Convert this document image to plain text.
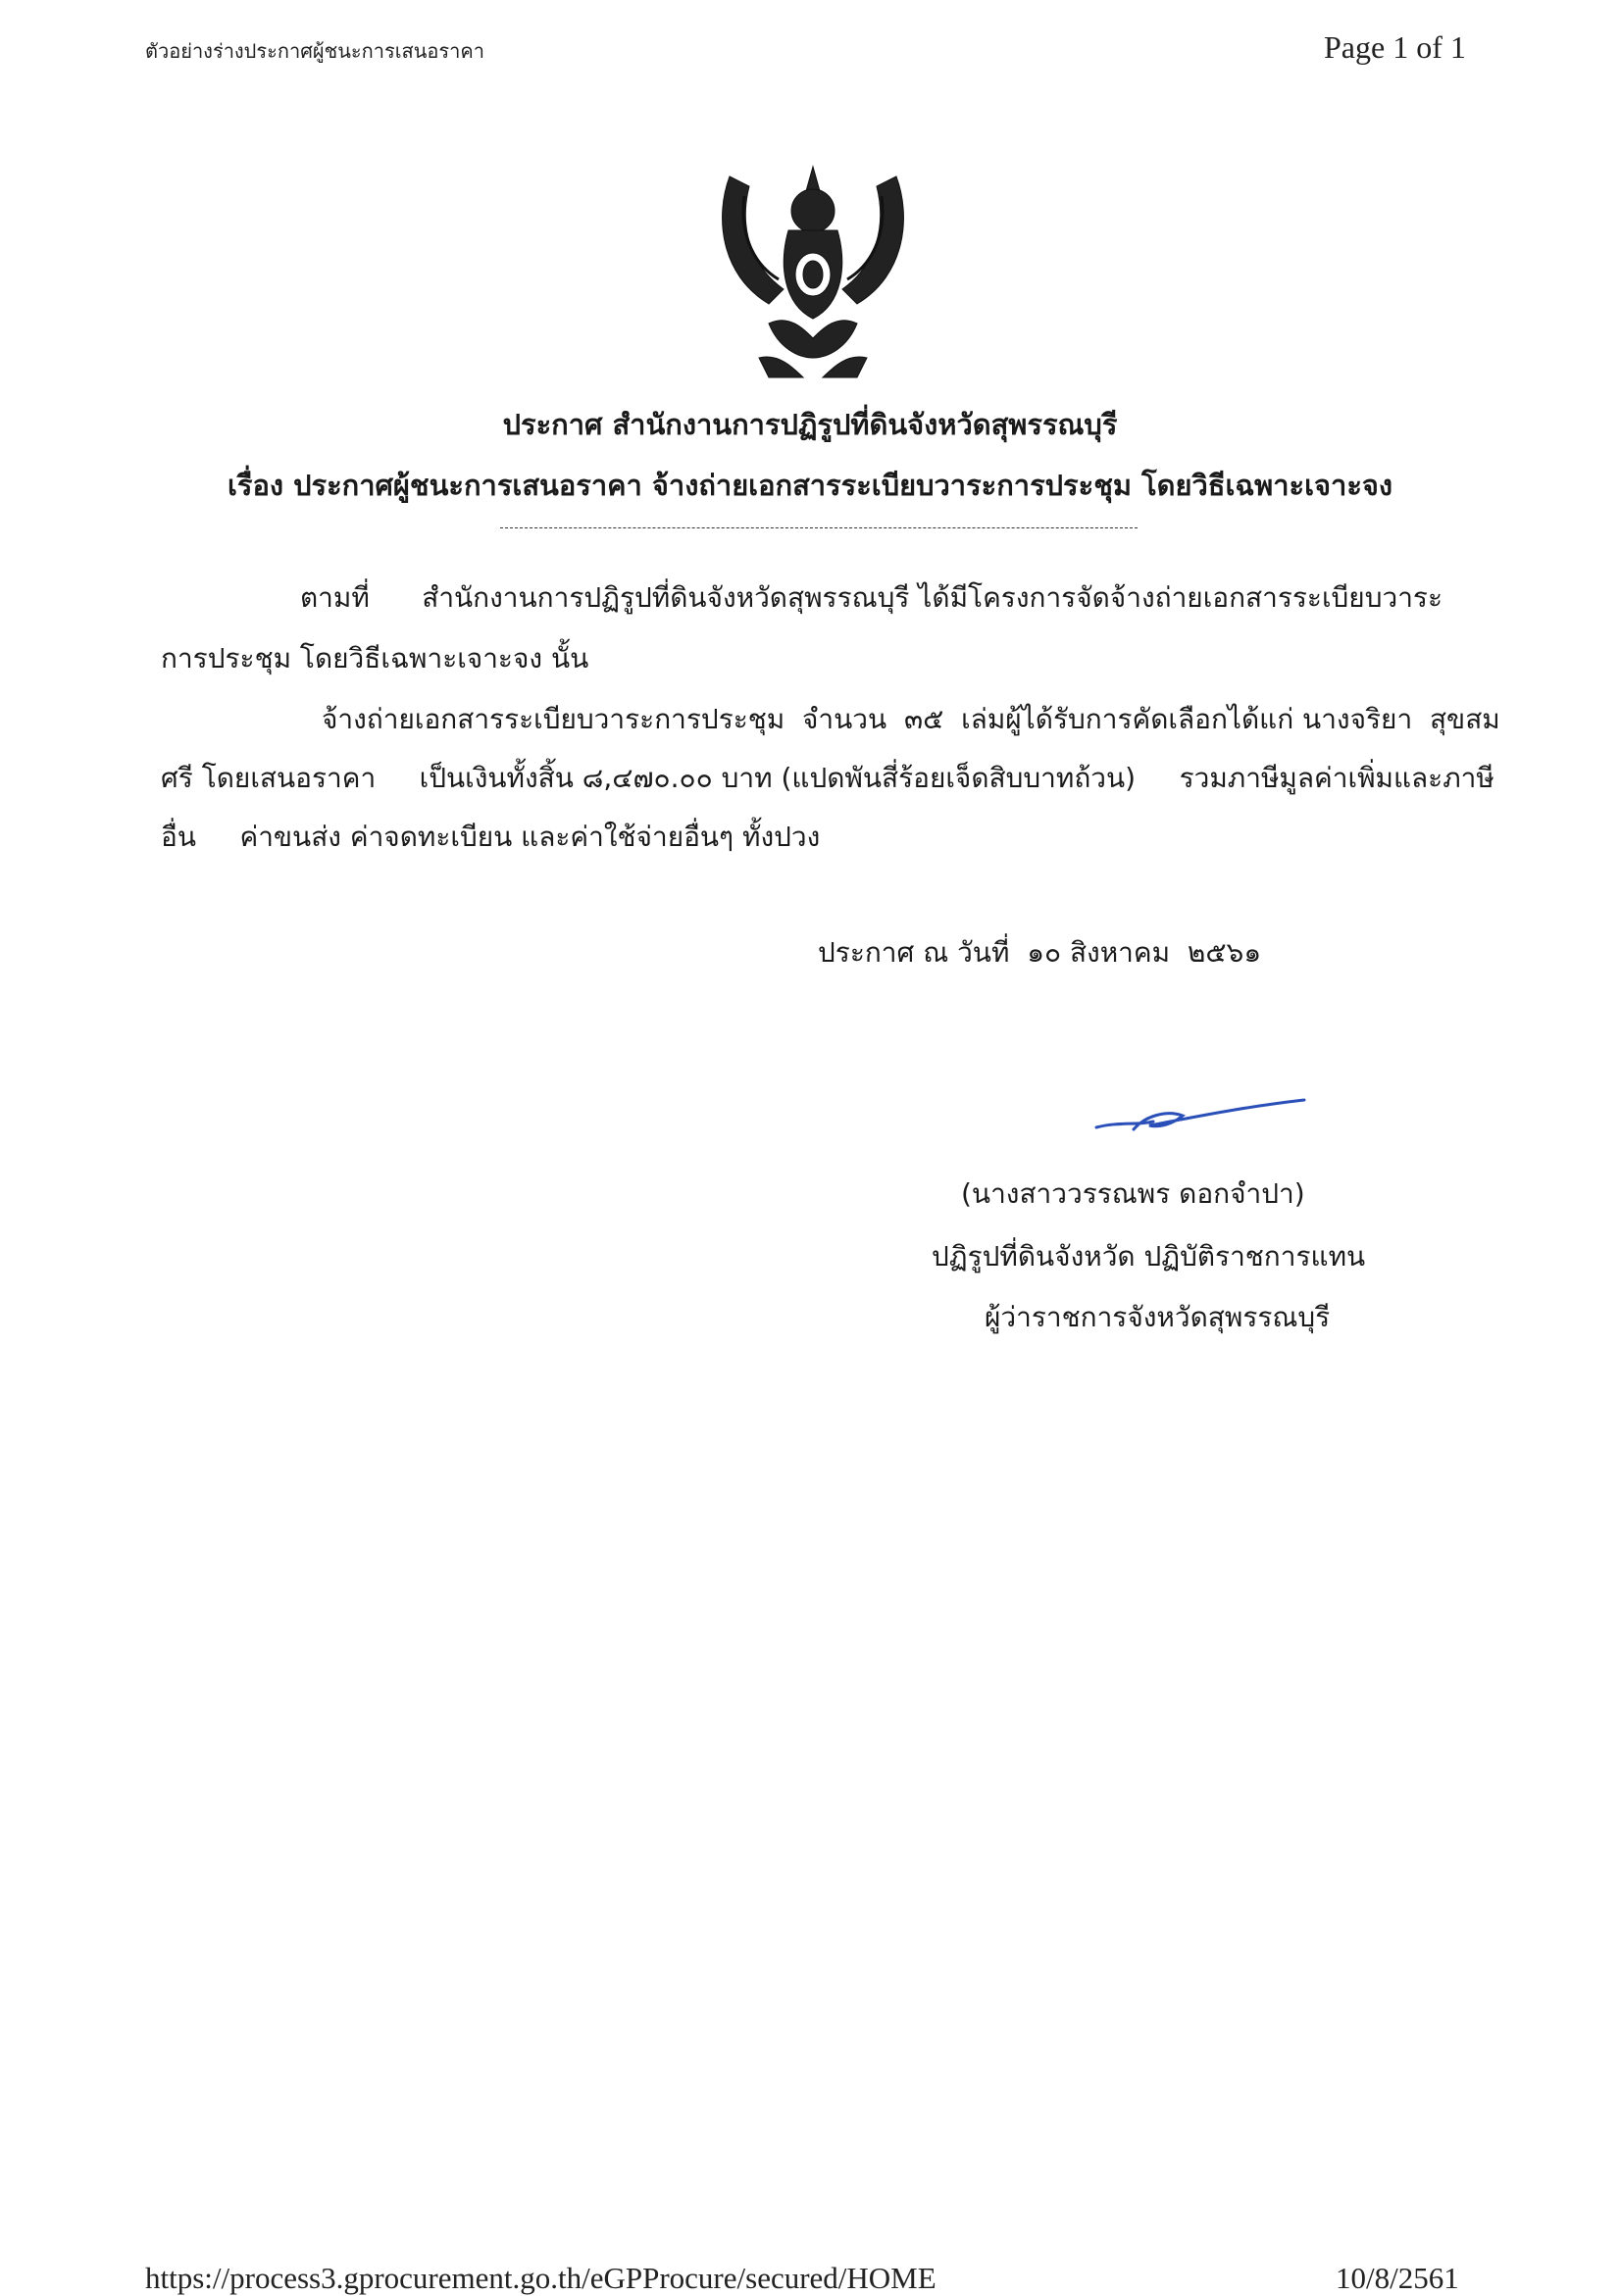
ตัวอย่างร่างประกาศผู้ชนะการเสนอราคา	Page 1 of 1
ประกาศ สำนักงานการปฏิรูปที่ดินจังหวัดสุพรรณบุรี
เรื่อง ประกาศผู้ชนะการเสนอราคา จ้างถ่ายเอกสารระเบียบวาระการประชุม โดยวิธีเฉพาะเจาะจง
ตามที่      สำนักงานการปฏิรูปที่ดินจังหวัดสุพรรณบุรี ได้มีโครงการจัดจ้างถ่ายเอกสารระเบียบวาระ
การประชุม โดยวิธีเฉพาะเจาะจง นั้น
จ้างถ่ายเอกสารระเบียบวาระการประชุม  จำนวน  ๓๕  เล่มผู้ได้รับการคัดเลือกได้แก่ นางจริยา  สุขสม
ศรี โดยเสนอราคา     เป็นเงินทั้งสิ้น ๘,๔๗๐.๐๐ บาท (แปดพันสี่ร้อยเจ็ดสิบบาทถ้วน)     รวมภาษีมูลค่าเพิ่มและภาษี
อื่น     ค่าขนส่ง ค่าจดทะเบียน และค่าใช้จ่ายอื่นๆ ทั้งปวง
ประกาศ ณ วันที่  ๑๐ สิงหาคม  ๒๕๖๑
(นางสาววรรณพร ดอกจำปา)
ปฏิรูปที่ดินจังหวัด ปฏิบัติราชการแทน
ผู้ว่าราชการจังหวัดสุพรรณบุรี
https://process3.gprocurement.go.th/eGPProcure/secured/HOME	10/8/2561
